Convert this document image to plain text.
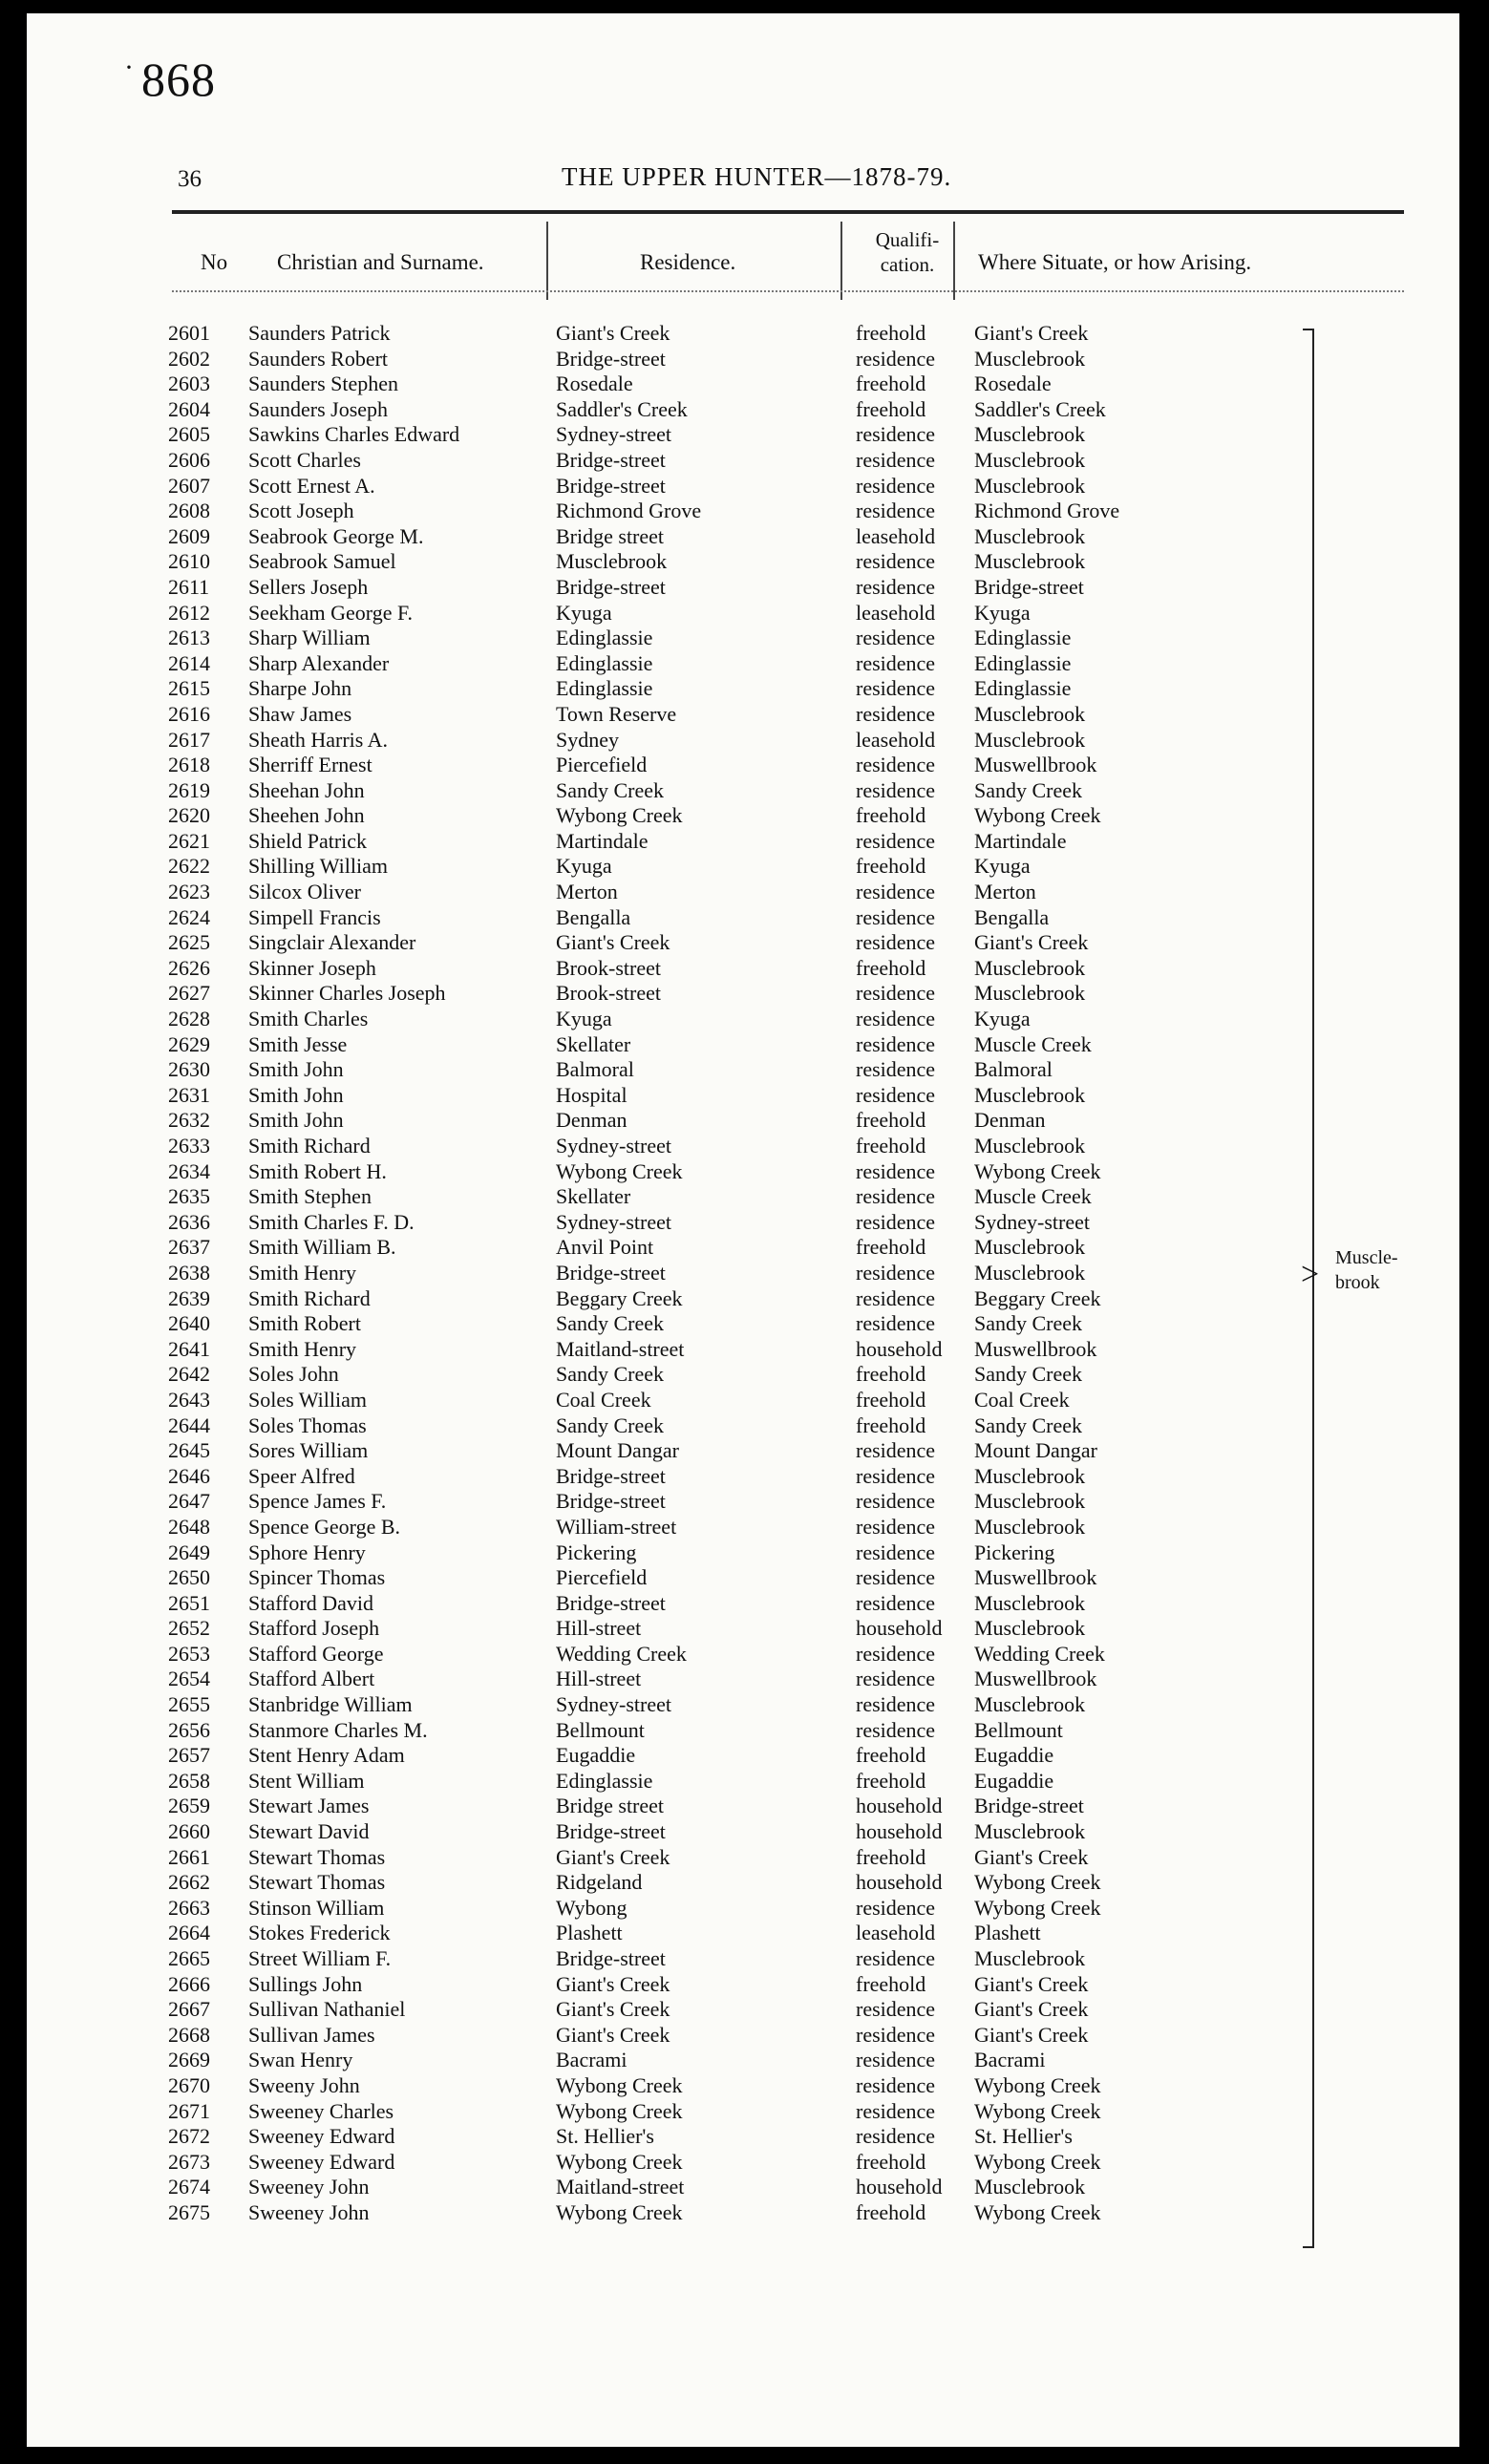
· 868
36	THE UPPER HUNTER—1878-79.
No Christian and Surname.	Residence.
Qualifi-
cation.	Where Situate, or how Arising.
2601 Saunders Patrick	Giant's Creek	freehold Giant's Creek
2602 Saunders Robert	Bridge-street	residence Musclebrook
2603 Saunders Stephen	Rosedale	freehold Rosedale
2604 Saunders Joseph	Saddler's Creek	freehold Saddler's Creek
2605 Sawkins Charles Edward	Sydney-street	residence Musclebrook
2606 Scott Charles	Bridge-street	residence Musclebrook
2607 Scott Ernest A.	Bridge-street	residence Musclebrook
2608 Scott Joseph	Richmond Grove	residence Richmond Grove
2609 Seabrook George M.	Bridge street	leasehold Musclebrook
2610 Seabrook Samuel	Musclebrook	residence Musclebrook
2611 Sellers Joseph	Bridge-street	residence Bridge-street
2612 Seekham George F.	Kyuga	leasehold Kyuga
2613 Sharp William	Edinglassie	residence Edinglassie
2614 Sharp Alexander	Edinglassie	residence Edinglassie
2615 Sharpe John	Edinglassie	residence Edinglassie
2616 Shaw James	Town Reserve	residence Musclebrook
2617 Sheath Harris A.	Sydney	leasehold Musclebrook
2618 Sherriff Ernest	Piercefield	residence Muswellbrook
2619 Sheehan John	Sandy Creek	residence Sandy Creek
2620 Sheehen John	Wybong Creek	freehold Wybong Creek
2621 Shield Patrick	Martindale	residence Martindale
2622 Shilling William	Kyuga	freehold Kyuga
2623 Silcox Oliver	Merton	residence Merton
2624 Simpell Francis	Bengalla	residence Bengalla
2625 Singclair Alexander	Giant's Creek	residence Giant's Creek
2626 Skinner Joseph	Brook-street	freehold Musclebrook
2627 Skinner Charles Joseph	Brook-street	residence Musclebrook
2628 Smith Charles	Kyuga	residence Kyuga
2629 Smith Jesse	Skellater	residence Muscle Creek
2630 Smith John	Balmoral	residence Balmoral
2631 Smith John	Hospital	residence Musclebrook
2632 Smith John	Denman	freehold Denman
2633 Smith Richard	Sydney-street	freehold Musclebrook
2634 Smith Robert H.	Wybong Creek	residence Wybong Creek
2635 Smith Stephen	Skellater	residence Muscle Creek
2636 Smith Charles F. D.	Sydney-street	residence Sydney-street
2637 Smith William B.	Anvil Point	freehold Musclebrook
2638 Smith Henry	Bridge-street	residence Musclebrook
2639 Smith Richard	Beggary Creek	residence Beggary Creek
2640 Smith Robert	Sandy Creek	residence Sandy Creek
2641 Smith Henry	Maitland-street	household Muswellbrook
2642 Soles John	Sandy Creek	freehold Sandy Creek
2643 Soles William	Coal Creek	freehold Coal Creek
2644 Soles Thomas	Sandy Creek	freehold Sandy Creek
2645 Sores William	Mount Dangar	residence Mount Dangar
2646 Speer Alfred	Bridge-street	residence Musclebrook
2647 Spence James F.	Bridge-street	residence Musclebrook
2648 Spence George B.	William-street	residence Musclebrook
2649 Sphore Henry	Pickering	residence Pickering
2650 Spincer Thomas	Piercefield	residence Muswellbrook
2651 Stafford David	Bridge-street	residence Musclebrook
2652 Stafford Joseph	Hill-street	household Musclebrook
2653 Stafford George	Wedding Creek	residence Wedding Creek
2654 Stafford Albert	Hill-street	residence Muswellbrook
2655 Stanbridge William	Sydney-street	residence Musclebrook
2656 Stanmore Charles M.	Bellmount	residence Bellmount
2657 Stent Henry Adam	Eugaddie	freehold Eugaddie
2658 Stent William	Edinglassie	freehold Eugaddie
2659 Stewart James	Bridge street	household Bridge-street
2660 Stewart David	Bridge-street	household Musclebrook
2661 Stewart Thomas	Giant's Creek	freehold Giant's Creek
2662 Stewart Thomas	Ridgeland	household Wybong Creek
2663 Stinson William	Wybong	residence Wybong Creek
2664 Stokes Frederick	Plashett	leasehold Plashett
2665 Street William F.	Bridge-street	residence Musclebrook
2666 Sullings John	Giant's Creek	freehold Giant's Creek
2667 Sullivan Nathaniel	Giant's Creek	residence Giant's Creek
2668 Sullivan James	Giant's Creek	residence Giant's Creek
2669 Swan Henry	Bacrami	residence Bacrami
2670 Sweeny John	Wybong Creek	residence Wybong Creek
2671 Sweeney Charles	Wybong Creek	residence Wybong Creek
2672 Sweeney Edward	St. Hellier's	residence St. Hellier's
2673 Sweeney Edward	Wybong Creek	freehold Wybong Creek
2674 Sweeney John	Maitland-street	household Musclebrook
2675 Sweeney John	Wybong Creek	freehold Wybong Creek
> Muscle-
brook
